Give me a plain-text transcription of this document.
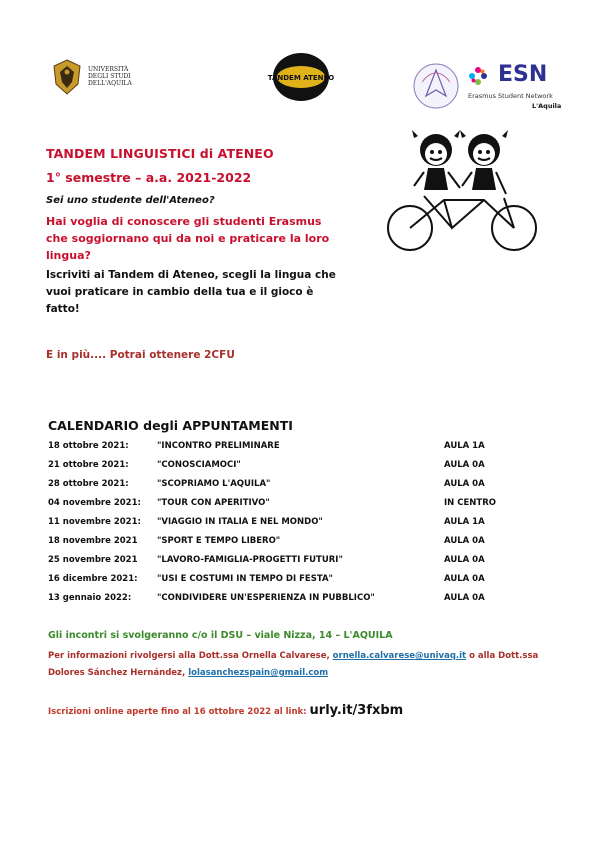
UNIVERSITÀ
DEGLI STUDI
DELL'AQUILA
TANDEM ATENEO	ESN
Erasmus Student Network
L'Aquila
TANDEM LINGUISTICI di ATENEO
1° semestre – a.a. 2021-2022
Sei uno studente dell'Ateneo?
Hai voglia di conoscere gli studenti Erasmus che soggiornano qui da noi e praticare la loro lingua?
Iscriviti ai Tandem di Ateneo, scegli la lingua che vuoi praticare in cambio della tua e il gioco è fatto!
E in più.... Potrai ottenere 2CFU
CALENDARIO degli APPUNTAMENTI
18 ottobre 2021:	"INCONTRO PRELIMINARE	AULA 1A
21 ottobre 2021:	"CONOSCIAMOCI"	AULA 0A
28 ottobre 2021:	"SCOPRIAMO L'AQUILA"	AULA 0A
04 novembre 2021: "TOUR CON APERITIVO"	IN CENTRO
11 novembre 2021: "VIAGGIO IN ITALIA E NEL MONDO"	AULA 1A
18 novembre 2021 "SPORT E TEMPO LIBERO"	AULA 0A
25 novembre 2021 "LAVORO-FAMIGLIA-PROGETTI FUTURI"	AULA 0A
16 dicembre 2021: "USI E COSTUMI IN TEMPO DI FESTA"	AULA 0A
13 gennaio 2022:	"CONDIVIDERE UN'ESPERIENZA IN PUBBLICO"	AULA 0A
Gli incontri si svolgeranno c/o il DSU – viale Nizza, 14 – L'AQUILA
Per informazioni rivolgersi alla Dott.ssa Ornella Calvarese, ornella.calvarese@univaq.it o alla Dott.ssa Dolores Sánchez Hernández, lolasanchezspain@gmail.com
Iscrizioni online aperte fino al 16 ottobre 2022 al link: urly.it/3fxbm
